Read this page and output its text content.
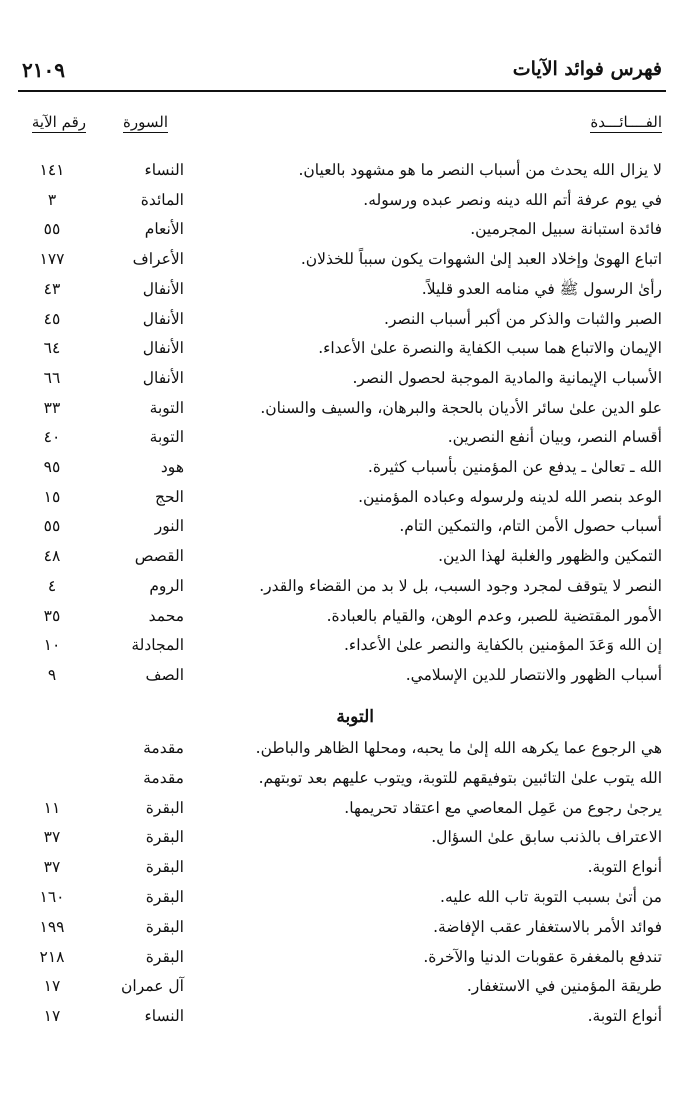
فهرس فوائد الآيات
٢١٠٩
الفــــائـــدة
السورة
رقم الآية
لا يزال الله يحدث من أسباب النصر ما هو مشهود بالعيان.
النساء
١٤١
في يوم عرفة أتم الله دينه ونصر عبده ورسوله.
المائدة
٣
فائدة استبانة سبيل المجرمين.
الأنعام
٥٥
اتباع الهوىٰ وإخلاد العبد إلىٰ الشهوات يكون سبباً للخذلان.
الأعراف
١٧٧
رأىٰ الرسول ﷺ في منامه العدو قليلاً.
الأنفال
٤٣
الصبر والثبات والذكر من أكبر أسباب النصر.
الأنفال
٤٥
الإيمان والاتباع هما سبب الكفاية والنصرة علىٰ الأعداء.
الأنفال
٦٤
الأسباب الإيمانية والمادية الموجبة لحصول النصر.
الأنفال
٦٦
علو الدين علىٰ سائر الأديان بالحجة والبرهان، والسيف والسنان.
التوبة
٣٣
أقسام النصر، وبيان أنفع النصرين.
التوبة
٤٠
الله ـ تعالىٰ ـ يدفع عن المؤمنين بأسباب كثيرة.
هود
٩٥
الوعد بنصر الله لدينه ولرسوله وعباده المؤمنين.
الحج
١٥
أسباب حصول الأمن التام، والتمكين التام.
النور
٥٥
التمكين والظهور والغلبة لهذا الدين.
القصص
٤٨
النصر لا يتوقف لمجرد وجود السبب، بل لا بد من القضاء والقدر.
الروم
٤
الأمور المقتضية للصبر، وعدم الوهن، والقيام بالعبادة.
محمد
٣٥
إن الله وَعَدَ المؤمنين بالكفاية والنصر علىٰ الأعداء.
المجادلة
١٠
أسباب الظهور والانتصار للدين الإسلامي.
الصف
٩
التوبة
هي الرجوع عما يكرهه الله إلىٰ ما يحبه، ومحلها الظاهر والباطن.
مقدمة
الله يتوب علىٰ التائبين بتوفيقهم للتوبة، ويتوب عليهم بعد توبتهم.
مقدمة
يرجىٰ رجوع من عَمِل المعاصي مع اعتقاد تحريمها.
البقرة
١١
الاعتراف بالذنب سابق علىٰ السؤال.
البقرة
٣٧
أنواع التوبة.
البقرة
٣٧
من أتىٰ بسبب التوبة تاب الله عليه.
البقرة
١٦٠
فوائد الأمر بالاستغفار عقب الإفاضة.
البقرة
١٩٩
تندفع بالمغفرة عقوبات الدنيا والآخرة.
البقرة
٢١٨
طريقة المؤمنين في الاستغفار.
آل عمران
١٧
أنواع التوبة.
النساء
١٧
